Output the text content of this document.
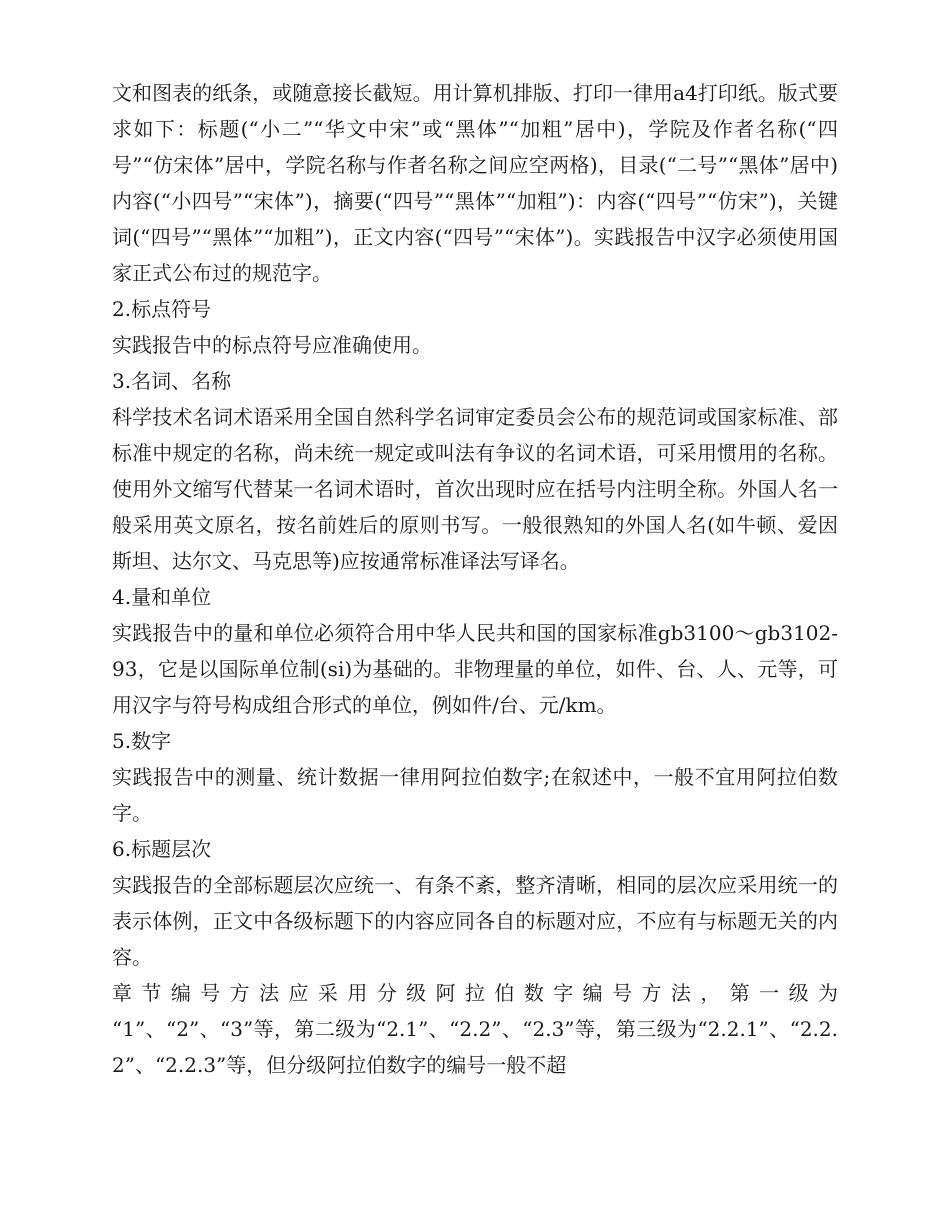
文和图表的纸条，或随意接长截短。用计算机排版、打印一律用a4打印纸。版式要求如下：标题(“小二”“华文中宋”或“黑体”“加粗”居中)，学院及作者名称(“四号”“仿宋体”居中，学院名称与作者名称之间应空两格)，目录(“二号”“黑体”居中)内容(“小四号”“宋体”)，摘要(“四号”“黑体”“加粗”)：内容(“四号”“仿宋”)，关键词(“四号”“黑体”“加粗”)，正文内容(“四号”“宋体”)。实践报告中汉字必须使用国家正式公布过的规范字。

2.标点符号

实践报告中的标点符号应准确使用。

3.名词、名称

科学技术名词术语采用全国自然科学名词审定委员会公布的规范词或国家标准、部标准中规定的名称，尚未统一规定或叫法有争议的名词术语，可采用惯用的名称。使用外文缩写代替某一名词术语时，首次出现时应在括号内注明全称。外国人名一般采用英文原名，按名前姓后的原则书写。一般很熟知的外国人名(如牛顿、爱因斯坦、达尔文、马克思等)应按通常标准译法写译名。

4.量和单位

实践报告中的量和单位必须符合用中华人民共和国的国家标准gb3100～gb3102-93，它是以国际单位制(si)为基础的。非物理量的单位，如件、台、人、元等，可用汉字与符号构成组合形式的单位，例如件/台、元/km。

5.数字

实践报告中的测量、统计数据一律用阿拉伯数字;在叙述中，一般不宜用阿拉伯数字。

6.标题层次

实践报告的全部标题层次应统一、有条不紊，整齐清晰，相同的层次应采用统一的表示体例，正文中各级标题下的内容应同各自的标题对应，不应有与标题无关的内容。

章节编号方法应采用分级阿拉伯数字编号方法，第一级为

“1”、“2”、“3”等，第二级为“2.1”、“2.2”、“2.3”等，第三级为“2.2.1”、“2.2.2”、“2.2.3”等，但分级阿拉伯数字的编号一般不超
